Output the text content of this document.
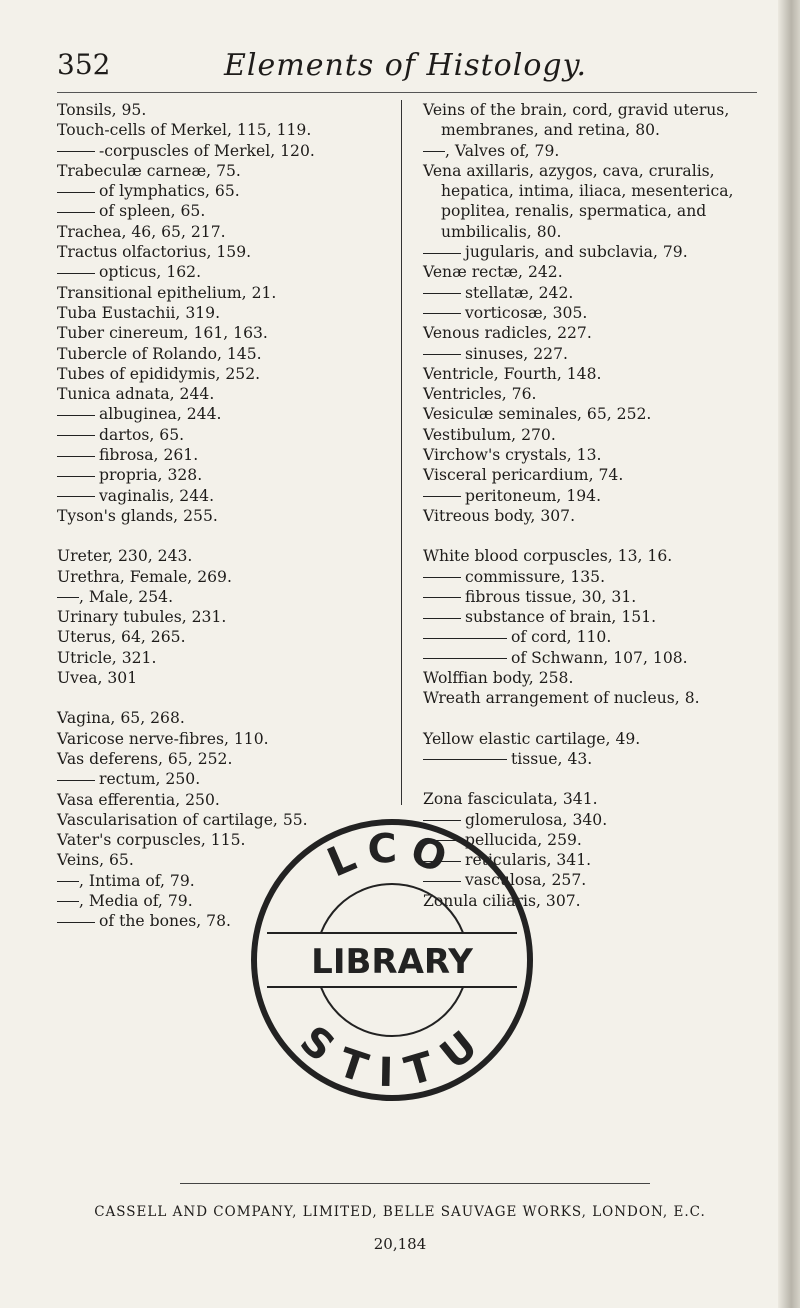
352	Elements of Histology.
Tonsils, 95.
Touch-cells of Merkel, 115, 119.
-corpuscles of Merkel, 120.
Trabeculæ carneæ, 75.
of lymphatics, 65.
of spleen, 65.
Trachea, 46, 65, 217.
Tractus olfactorius, 159.
opticus, 162.
Transitional epithelium, 21.
Tuba Eustachii, 319.
Tuber cinereum, 161, 163.
Tubercle of Rolando, 145.
Tubes of epididymis, 252.
Tunica adnata, 244.
albuginea, 244.
dartos, 65.
fibrosa, 261.
propria, 328.
vaginalis, 244.
Tyson's glands, 255.
Ureter, 230, 243.
Urethra, Female, 269.
, Male, 254.
Urinary tubules, 231.
Uterus, 64, 265.
Utricle, 321.
Uvea, 301
Vagina, 65, 268.
Varicose nerve-fibres, 110.
Vas deferens, 65, 252.
rectum, 250.
Vasa efferentia, 250.
Vascularisation of cartilage, 55.
Vater's corpuscles, 115.
Veins, 65.
, Intima of, 79.
, Media of, 79.
of the bones, 78.
Veins of the brain, cord, gravid uterus, membranes, and retina, 80.
, Valves of, 79.
Vena axillaris, azygos, cava, cruralis, hepatica, intima, iliaca, mesenterica, poplitea, renalis, spermatica, and umbilicalis, 80.
jugularis, and subclavia, 79.
Venæ rectæ, 242.
stellatæ, 242.
vorticosæ, 305.
Venous radicles, 227.
sinuses, 227.
Ventricle, Fourth, 148.
Ventricles, 76.
Vesiculæ seminales, 65, 252.
Vestibulum, 270.
Virchow's crystals, 13.
Visceral pericardium, 74.
peritoneum, 194.
Vitreous body, 307.
White blood corpuscles, 13, 16.
commissure, 135.
fibrous tissue, 30, 31.
substance of brain, 151.
of cord, 110.
of Schwann, 107, 108.
Wolffian body, 258.
Wreath arrangement of nucleus, 8.
Yellow elastic cartilage, 49.
tissue, 43.
Zona fasciculata, 341.
glomerulosa, 340.
pellucida, 259.
reticularis, 341.
vasculosa, 257.
Zonula ciliaris, 307.
LCO
STITU
LIBRARY
CASSELL AND COMPANY, LIMITED, BELLE SAUVAGE WORKS, LONDON, E.C.
20,184
